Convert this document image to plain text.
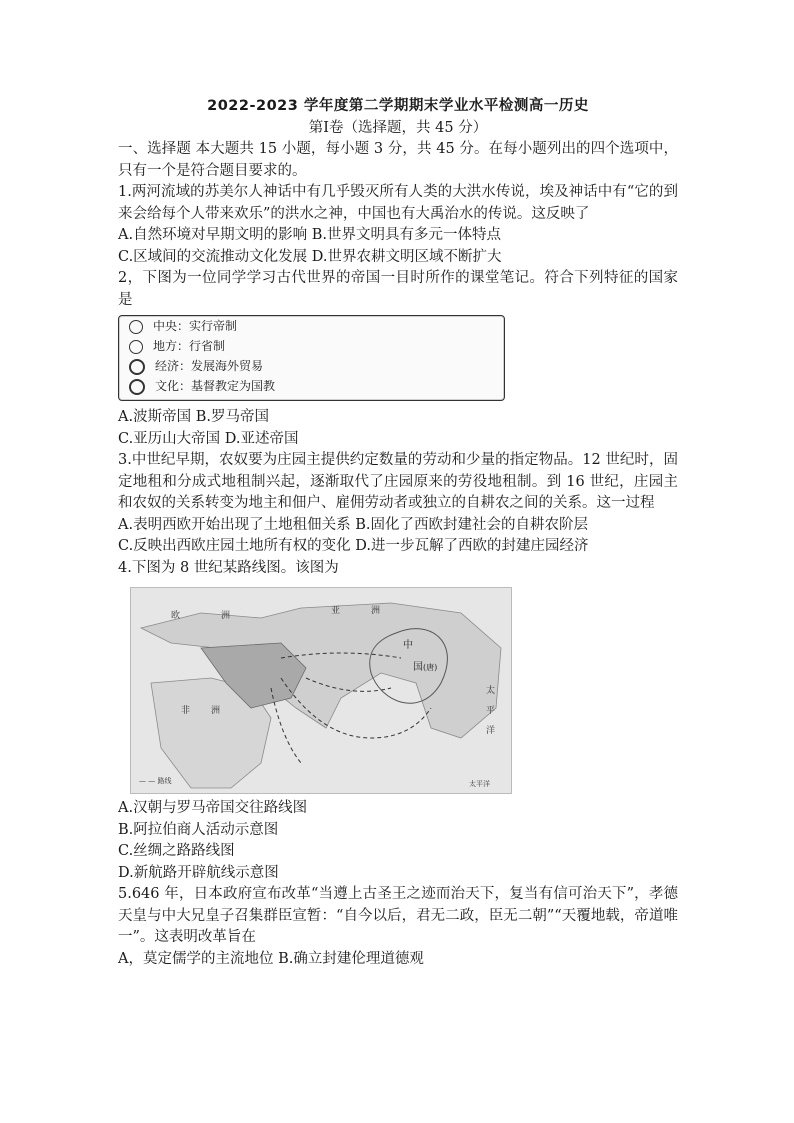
2022-2023 学年度第二学期期末学业水平检测高一历史
第Ⅰ卷（选择题，共 45 分）

一、选择题 本大题共 15 小题，每小题 3 分，共 45 分。在每小题列出的四个选项中，只有一个是符合题目要求的。

1.两河流域的苏美尔人神话中有几乎毁灭所有人类的大洪水传说，埃及神话中有“它的到来会给每个人带来欢乐”的洪水之神，中国也有大禹治水的传说。这反映了

A.自然环境对早期文明的影响 B.世界文明具有多元一体特点
C.区域间的交流推动文化发展 D.世界农耕文明区域不断扩大

2，下图为一位同学学习古代世界的帝国一目时所作的课堂笔记。符合下列特征的国家是

中央：实行帝制
地方：行省制
经济：发展海外贸易
文化：基督教定为国教
A.波斯帝国 B.罗马帝国
C.亚历山大帝国 D.亚述帝国

3.中世纪早期，农奴要为庄园主提供约定数量的劳动和少量的指定物品。12 世纪时，固定地租和分成式地租制兴起，逐渐取代了庄园原来的劳役地租制。到 16 世纪，庄园主和农奴的关系转变为地主和佃户、雇佣劳动者或独立的自耕农之间的关系。这一过程

A.表明西欧开始出现了土地租佃关系 B.固化了西欧封建社会的自耕农阶层
C.反映出西欧庄园土地所有权的变化 D.进一步瓦解了西欧的封建庄园经济

4.下图为 8 世纪某路线图。该图为

欧	洲	亚	洲
中
国 (唐)
非 洲
太
平
洋
太平洋
— — 路线
A.汉朝与罗马帝国交往路线图
B.阿拉伯商人活动示意图
C.丝绸之路路线图
D.新航路开辟航线示意图

5.646 年，日本政府宣布改革“当遵上古圣王之迹而治天下，复当有信可治天下”，孝德天皇与中大兄皇子召集群臣宣暂：“自今以后，君无二政，臣无二朝”“天覆地载，帝道唯一”。这表明改革旨在

A，莫定儒学的主流地位 B.确立封建伦理道德观
